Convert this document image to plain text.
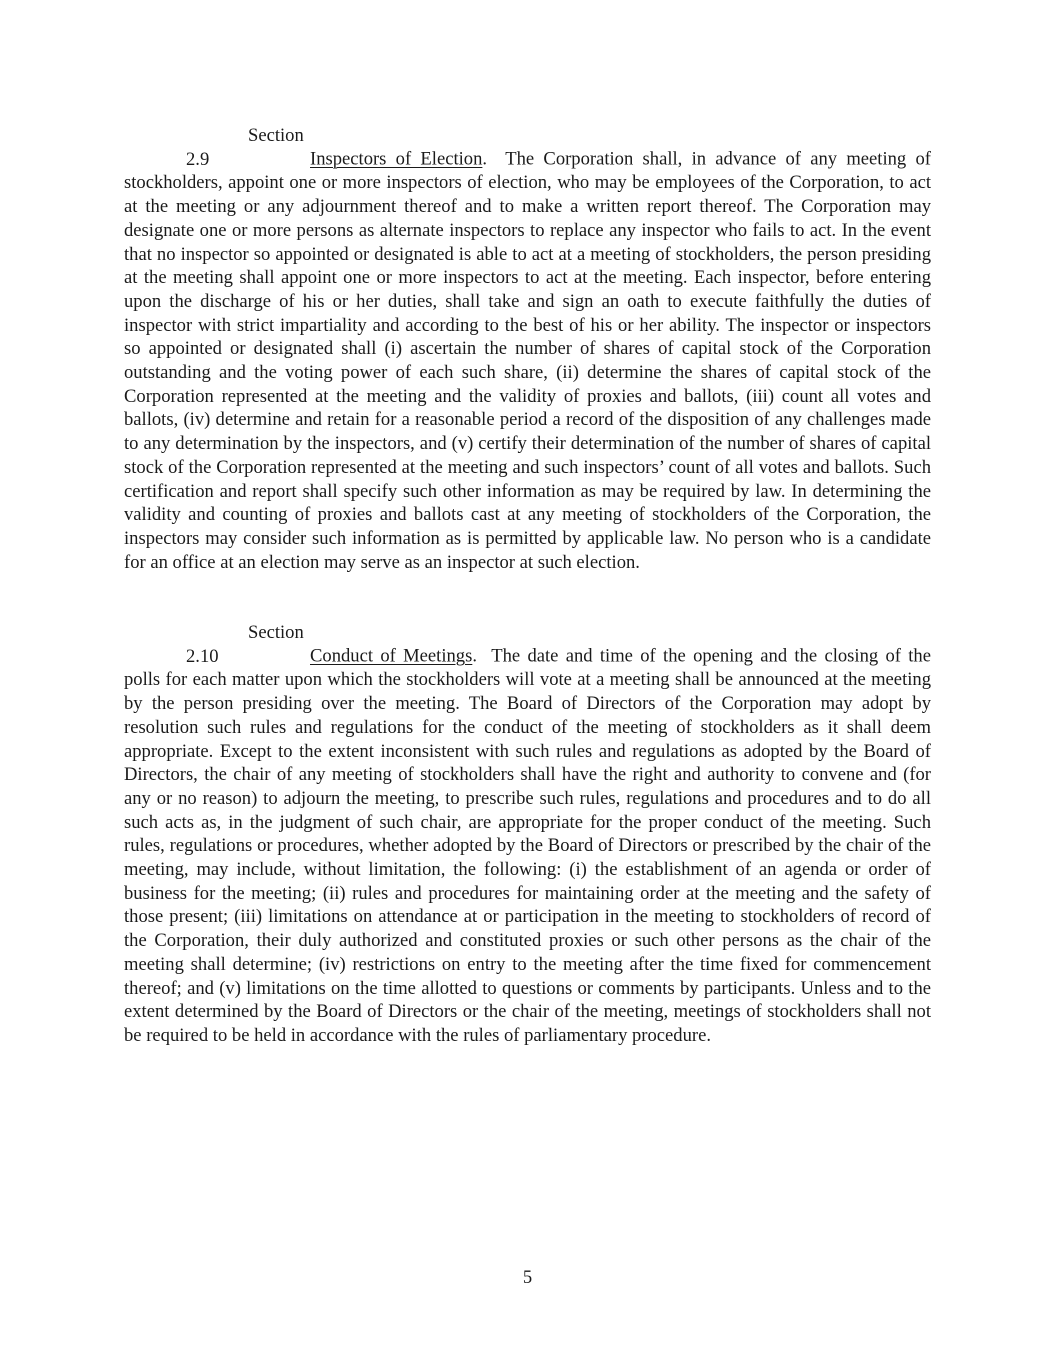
Section 2.9	Inspectors of Election. The Corporation shall, in advance of any meeting of stockholders, appoint one or more inspectors of election, who may be employees of the Corporation, to act at the meeting or any adjournment thereof and to make a written report thereof. The Corporation may designate one or more persons as alternate inspectors to replace any inspector who fails to act. In the event that no inspector so appointed or designated is able to act at a meeting of stockholders, the person presiding at the meeting shall appoint one or more inspectors to act at the meeting. Each inspector, before entering upon the discharge of his or her duties, shall take and sign an oath to execute faithfully the duties of inspector with strict impartiality and according to the best of his or her ability. The inspector or inspectors so appointed or designated shall (i) ascertain the number of shares of capital stock of the Corporation outstanding and the voting power of each such share, (ii) determine the shares of capital stock of the Corporation represented at the meeting and the validity of proxies and ballots, (iii) count all votes and ballots, (iv) determine and retain for a reasonable period a record of the disposition of any challenges made to any determination by the inspectors, and (v) certify their determination of the number of shares of capital stock of the Corporation represented at the meeting and such inspectors’ count of all votes and ballots. Such certification and report shall specify such other information as may be required by law. In determining the validity and counting of proxies and ballots cast at any meeting of stockholders of the Corporation, the inspectors may consider such information as is permitted by applicable law. No person who is a candidate for an office at an election may serve as an inspector at such election.

Section 2.10	Conduct of Meetings. The date and time of the opening and the closing of the polls for each matter upon which the stockholders will vote at a meeting shall be announced at the meeting by the person presiding over the meeting. The Board of Directors of the Corporation may adopt by resolution such rules and regulations for the conduct of the meeting of stockholders as it shall deem appropriate. Except to the extent inconsistent with such rules and regulations as adopted by the Board of Directors, the chair of any meeting of stockholders shall have the right and authority to convene and (for any or no reason) to adjourn the meeting, to prescribe such rules, regulations and procedures and to do all such acts as, in the judgment of such chair, are appropriate for the proper conduct of the meeting. Such rules, regulations or procedures, whether adopted by the Board of Directors or prescribed by the chair of the meeting, may include, without limitation, the following: (i) the establishment of an agenda or order of business for the meeting; (ii) rules and procedures for maintaining order at the meeting and the safety of those present; (iii) limitations on attendance at or participation in the meeting to stockholders of record of the Corporation, their duly authorized and constituted proxies or such other persons as the chair of the meeting shall determine; (iv) restrictions on entry to the meeting after the time fixed for commencement thereof; and (v) limitations on the time allotted to questions or comments by participants. Unless and to the extent determined by the Board of Directors or the chair of the meeting, meetings of stockholders shall not be required to be held in accordance with the rules of parliamentary procedure.

5
